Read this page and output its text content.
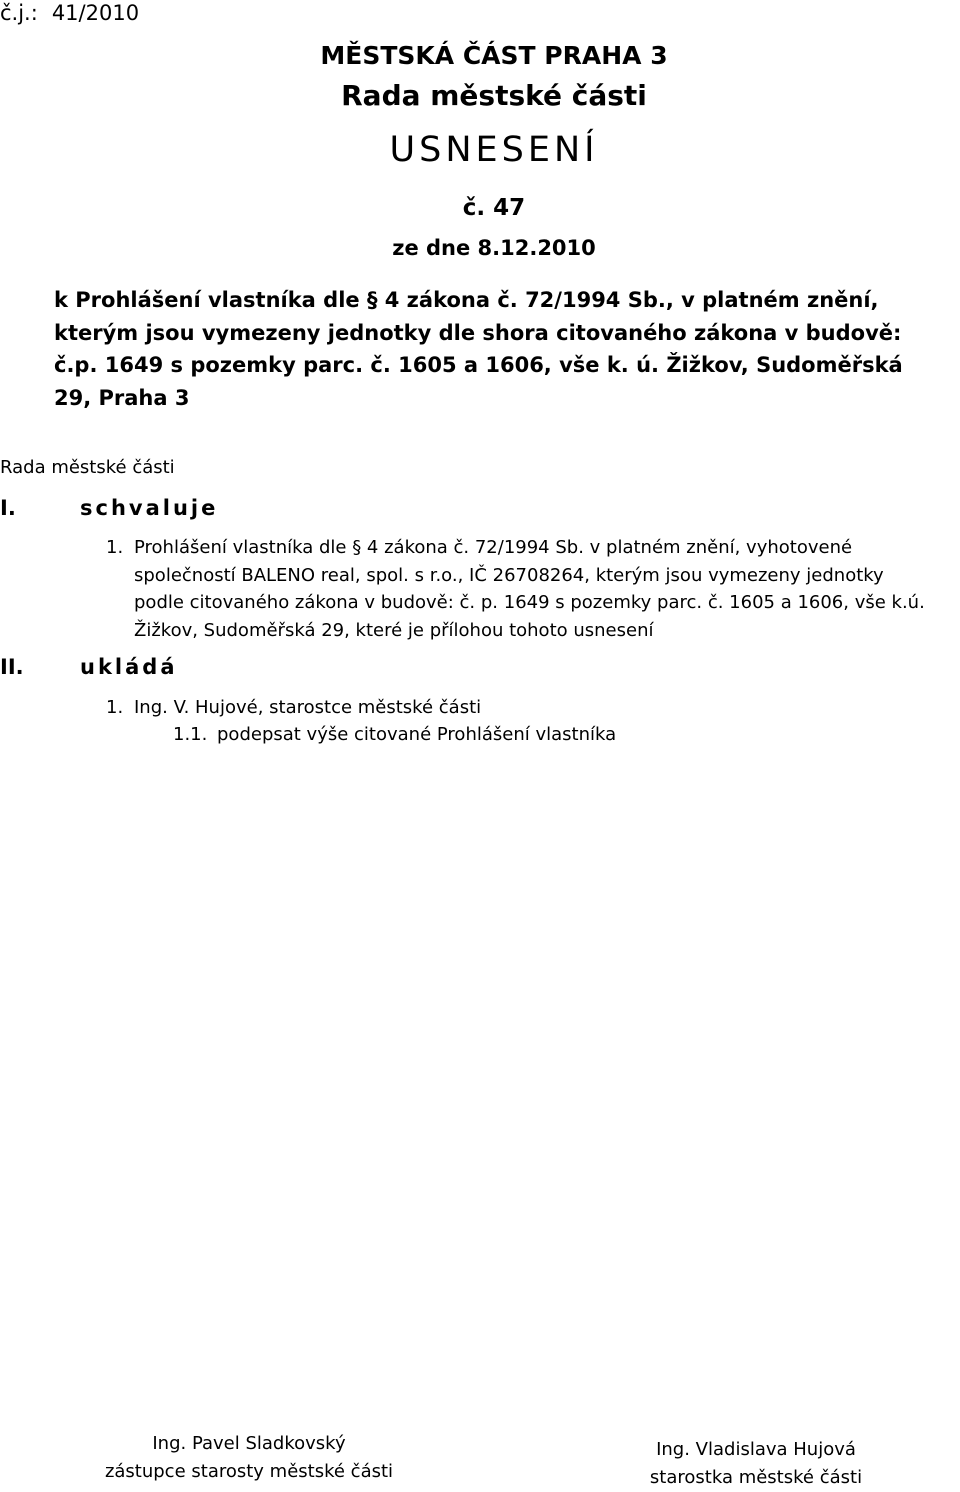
č.j.: 41/2010
MĚSTSKÁ ČÁST PRAHA 3
Rada městské části
USNESENÍ
č. 47
ze dne 8.12.2010
k Prohlášení vlastníka dle § 4 zákona č. 72/1994 Sb., v platném znění,
kterým jsou vymezeny jednotky dle shora citovaného zákona v budově:
č.p. 1649 s pozemky parc. č. 1605 a 1606, vše k. ú. Žižkov, Sudoměřská
29, Praha 3
Rada městské části
I.	schvaluje
1. Prohlášení vlastníka dle § 4 zákona č. 72/1994 Sb. v platném znění, vyhotovené
společností BALENO real, spol. s r.o., IČ 26708264, kterým jsou vymezeny jednotky
podle citovaného zákona v budově: č. p. 1649 s pozemky parc. č. 1605 a 1606, vše k.ú.
Žižkov, Sudoměřská 29, které je přílohou tohoto usnesení
II.	ukládá
1. Ing. V. Hujové, starostce městské části
1.1. podepsat výše citované Prohlášení vlastníka
Ing. Pavel Sladkovský
zástupce starosty městské části
Ing. Vladislava Hujová
starostka městské části
